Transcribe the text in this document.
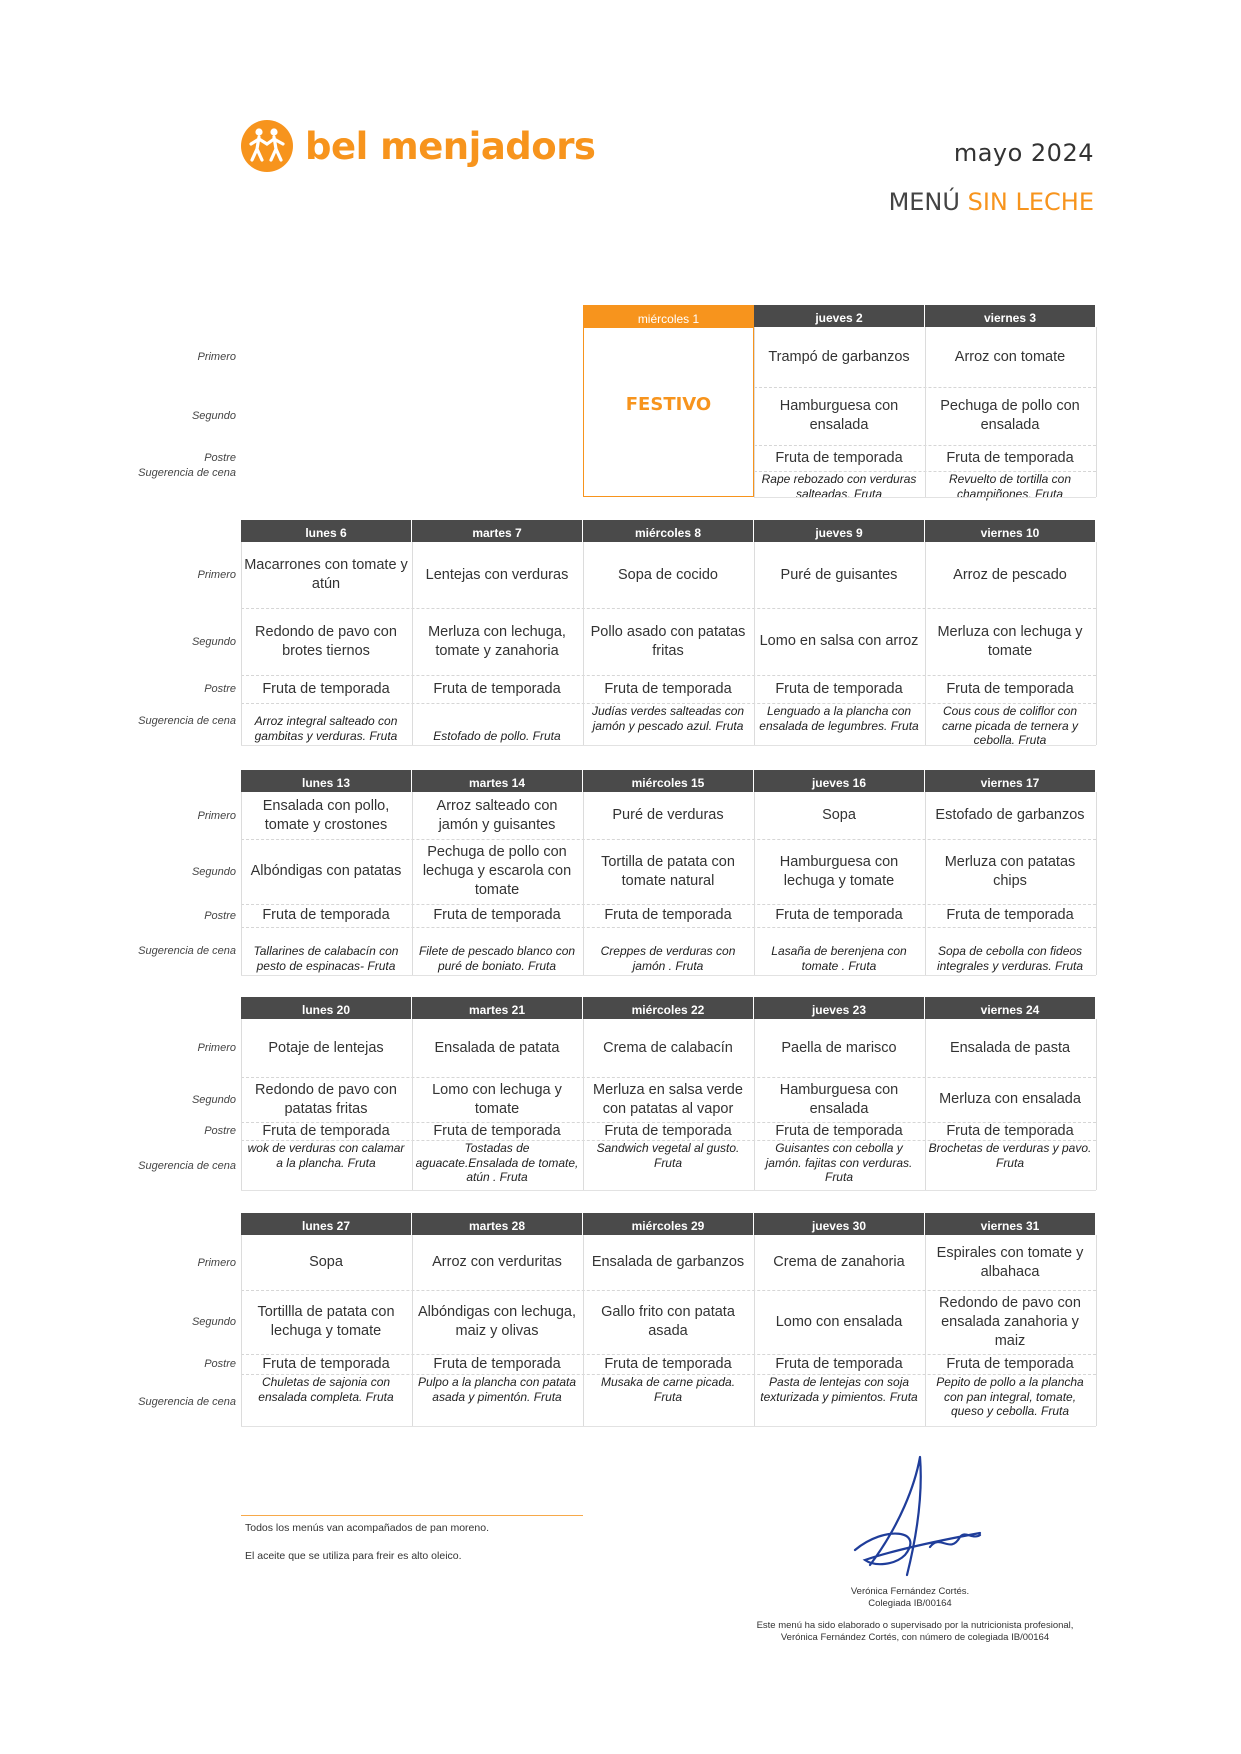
bel menjadors	mayo 2024
MENÚ SIN LECHE
Primero
Segundo
Postre
Sugerencia de cena
miércoles 1
FESTIVO
jueves 2
Trampó de garbanzos
Hamburguesa con ensalada
Fruta de temporada
Rape rebozado con verduras salteadas. Fruta
viernes 3
Arroz con tomate
Pechuga de pollo con ensalada
Fruta de temporada
Revuelto de tortilla con champiñones. Fruta
Primero
Segundo
Postre
Sugerencia de cena
lunes 6
Macarrones con tomate y atún
Redondo de pavo con brotes tiernos
Fruta de temporada
Arroz integral salteado con gambitas y verduras. Fruta
martes 7
Lentejas con verduras
Merluza con lechuga, tomate y zanahoria
Fruta de temporada
Estofado de pollo. Fruta
miércoles 8
Sopa de cocido
Pollo asado con patatas fritas
Fruta de temporada
Judías verdes salteadas con jamón y pescado azul. Fruta
jueves 9
Puré de guisantes
Lomo en salsa con arroz
Fruta de temporada
Lenguado a la plancha con ensalada de legumbres. Fruta
viernes 10
Arroz de pescado
Merluza con lechuga y tomate
Fruta de temporada
Cous cous de coliflor con carne picada de ternera y cebolla. Fruta
Primero
Segundo
Postre
Sugerencia de cena
lunes 13
Ensalada con pollo, tomate y crostones
Albóndigas con patatas
Fruta de temporada
Tallarines de calabacín con pesto de espinacas- Fruta
martes 14
Arroz salteado con jamón y guisantes
Pechuga de pollo con lechuga y escarola con tomate
Fruta de temporada
Filete de pescado blanco con puré de boniato. Fruta
miércoles 15
Puré de verduras
Tortilla de patata con tomate natural
Fruta de temporada
Creppes de verduras con jamón . Fruta
jueves 16
Sopa
Hamburguesa con lechuga y tomate
Fruta de temporada
Lasaña de berenjena con tomate . Fruta
viernes 17
Estofado de garbanzos
Merluza con patatas chips
Fruta de temporada
Sopa de cebolla con fideos integrales y verduras. Fruta
Primero
Segundo
Postre
Sugerencia de cena
lunes 20
Potaje de lentejas
Redondo de pavo con patatas fritas
Fruta de temporada
wok de verduras con calamar a la plancha. Fruta
martes 21
Ensalada de patata
Lomo con lechuga y tomate
Fruta de temporada
Tostadas de aguacate.Ensalada de tomate, atún . Fruta
miércoles 22
Crema de calabacín
Merluza en salsa verde con patatas al vapor
Fruta de temporada
Sandwich vegetal al gusto. Fruta
jueves 23
Paella de marisco
Hamburguesa con ensalada
Fruta de temporada
Guisantes con cebolla y jamón. fajitas con verduras. Fruta
viernes 24
Ensalada de pasta
Merluza con ensalada
Fruta de temporada
Brochetas de verduras y pavo. Fruta
Primero
Segundo
Postre
Sugerencia de cena
lunes 27
Sopa
Tortillla de patata con lechuga y tomate
Fruta de temporada
Chuletas de sajonia con ensalada completa. Fruta
martes 28
Arroz con verduritas
Albóndigas con lechuga, maiz y olivas
Fruta de temporada
Pulpo a la plancha con patata asada y pimentón. Fruta
miércoles 29
Ensalada de garbanzos
Gallo frito con patata asada
Fruta de temporada
Musaka de carne picada. Fruta
jueves 30
Crema de zanahoria
Lomo con ensalada
Fruta de temporada
Pasta de lentejas con soja texturizada y pimientos. Fruta
viernes 31
Espirales con tomate y albahaca
Redondo de pavo con ensalada zanahoria y maiz
Fruta de temporada
Pepito de pollo a la plancha con pan integral, tomate, queso y cebolla. Fruta
Todos los menús van acompañados de pan moreno.
El aceite que se utiliza para freir es alto oleico.
Verónica Fernández Cortés.
Colegiada IB/00164
Este menú ha sido elaborado o supervisado por la nutricionista profesional,
Verónica Fernández Cortés, con número de colegiada IB/00164
